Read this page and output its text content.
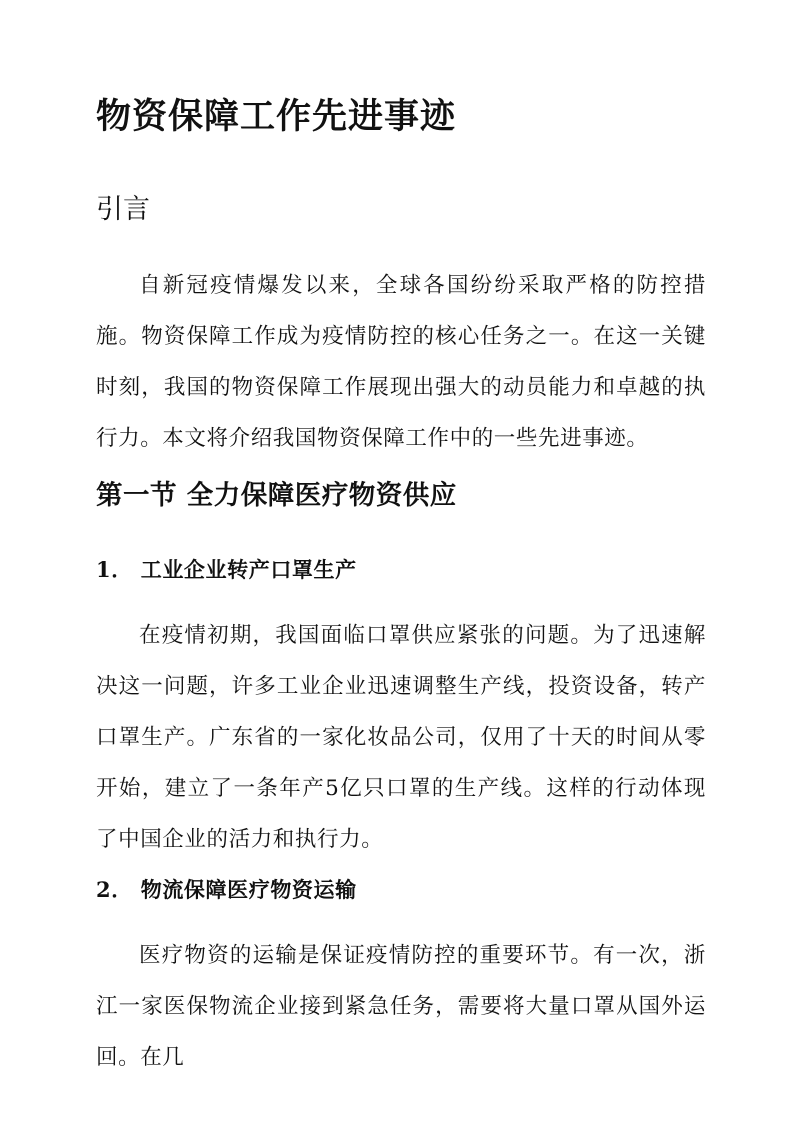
物资保障工作先进事迹
引言

自新冠疫情爆发以来，全球各国纷纷采取严格的防控措施。物资保障工作成为疫情防控的核心任务之一。在这一关键时刻，我国的物资保障工作展现出强大的动员能力和卓越的执行力。本文将介绍我国物资保障工作中的一些先进事迹。

第一节 全力保障医疗物资供应
1． 工业企业转产口罩生产

在疫情初期，我国面临口罩供应紧张的问题。为了迅速解决这一问题，许多工业企业迅速调整生产线，投资设备，转产口罩生产。广东省的一家化妆品公司，仅用了十天的时间从零开始，建立了一条年产5亿只口罩的生产线。这样的行动体现了中国企业的活力和执行力。

2． 物流保障医疗物资运输

医疗物资的运输是保证疫情防控的重要环节。有一次，浙江一家医保物流企业接到紧急任务，需要将大量口罩从国外运回。在几
